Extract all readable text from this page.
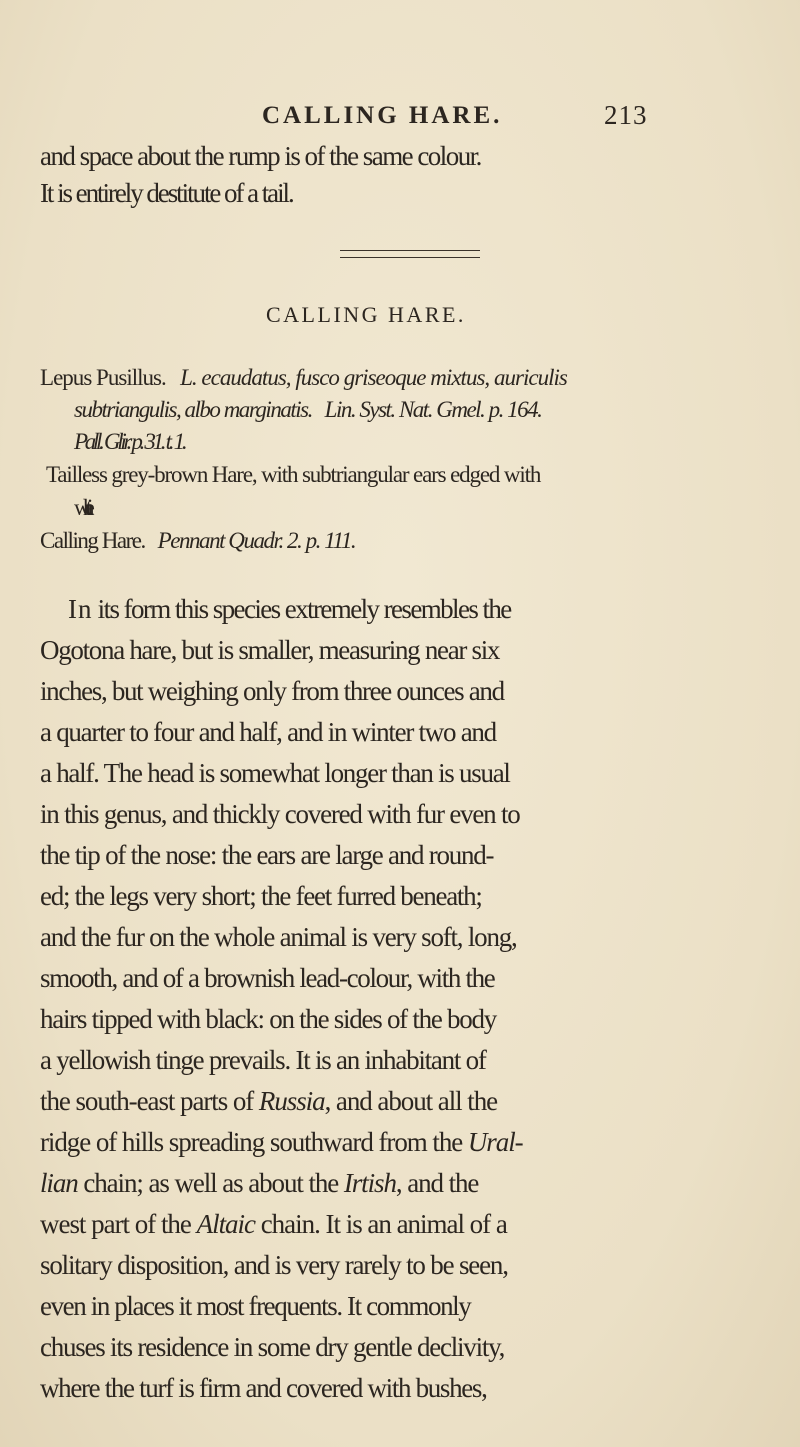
CALLING HARE.	213
and space about the rump is of the same colour.
It is entirely destitute of a tail.
CALLING HARE.
Lepus Pusillus. L. ecaudatus, fusco griseoque mixtus, auriculis
subtriangulis, albo marginatis. Lin. Syst. Nat. Gmel. p. 164.
Pall. Glir. p. 31. t. 1.
Tailless grey-brown Hare, with subtriangular ears edged with
white.
Calling Hare. Pennant Quadr. 2. p. 111.
In its form this species extremely resembles the
Ogotona hare, but is smaller, measuring near six
inches, but weighing only from three ounces and
a quarter to four and half, and in winter two and
a half. The head is somewhat longer than is usual
in this genus, and thickly covered with fur even to
the tip of the nose: the ears are large and round-
ed; the legs very short; the feet furred beneath;
and the fur on the whole animal is very soft, long,
smooth, and of a brownish lead-colour, with the
hairs tipped with black: on the sides of the body
a yellowish tinge prevails. It is an inhabitant of
the south-east parts of Russia, and about all the
ridge of hills spreading southward from the Ural-
lian chain; as well as about the Irtish, and the
west part of the Altaic chain. It is an animal of a
solitary disposition, and is very rarely to be seen,
even in places it most frequents. It commonly
chuses its residence in some dry gentle declivity,
where the turf is firm and covered with bushes,
